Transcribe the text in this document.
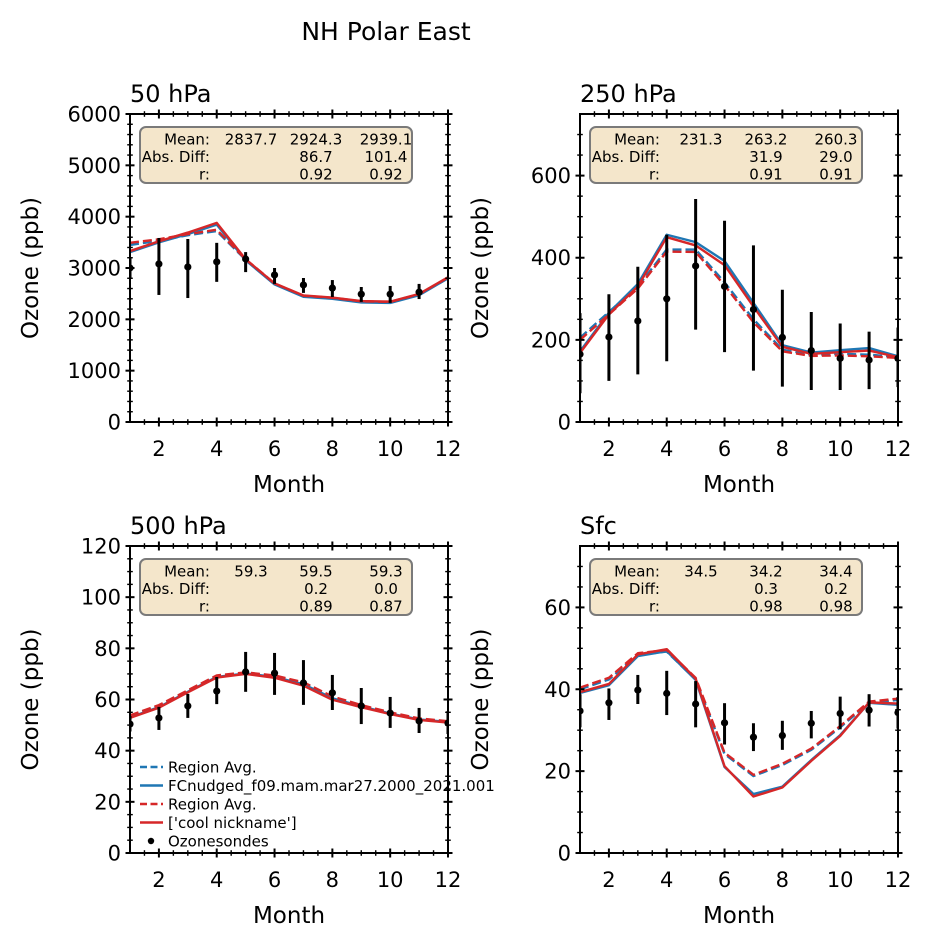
NH Polar East
50 hPa
Ozone (ppb)
Month
2 4 6 8 10 12
0
1000
2000
3000
4000
5000
6000
Mean: 2837.7 2924.3 2939.1
Abs. Diff:	86.7 101.4
r:	0.92 0.92
250 hPa
Ozone (ppb)
Month
2 4 6 8 10 12
0
200
400
600
Mean: 231.3 263.2 260.3
Abs. Diff:	31.9 29.0
r:	0.91 0.91
500 hPa
Ozone (ppb)
Month
2 4 6 8 10 12
0
20
40
60
80
100
120
Mean: 59.3 59.5 59.3
Abs. Diff:	0.2	0.0
r:	0.89 0.87
Region Avg.
FCnudged_f09.mam.mar27.2000_2021.001
Region Avg.
['cool nickname']
Ozonesondes
Sfc
Ozone (ppb)
Month
2 4 6 8 10 12
0
20
40
60
Mean: 34.5 34.2 34.4
Abs. Diff:	0.3	0.2
r:	0.98 0.98
